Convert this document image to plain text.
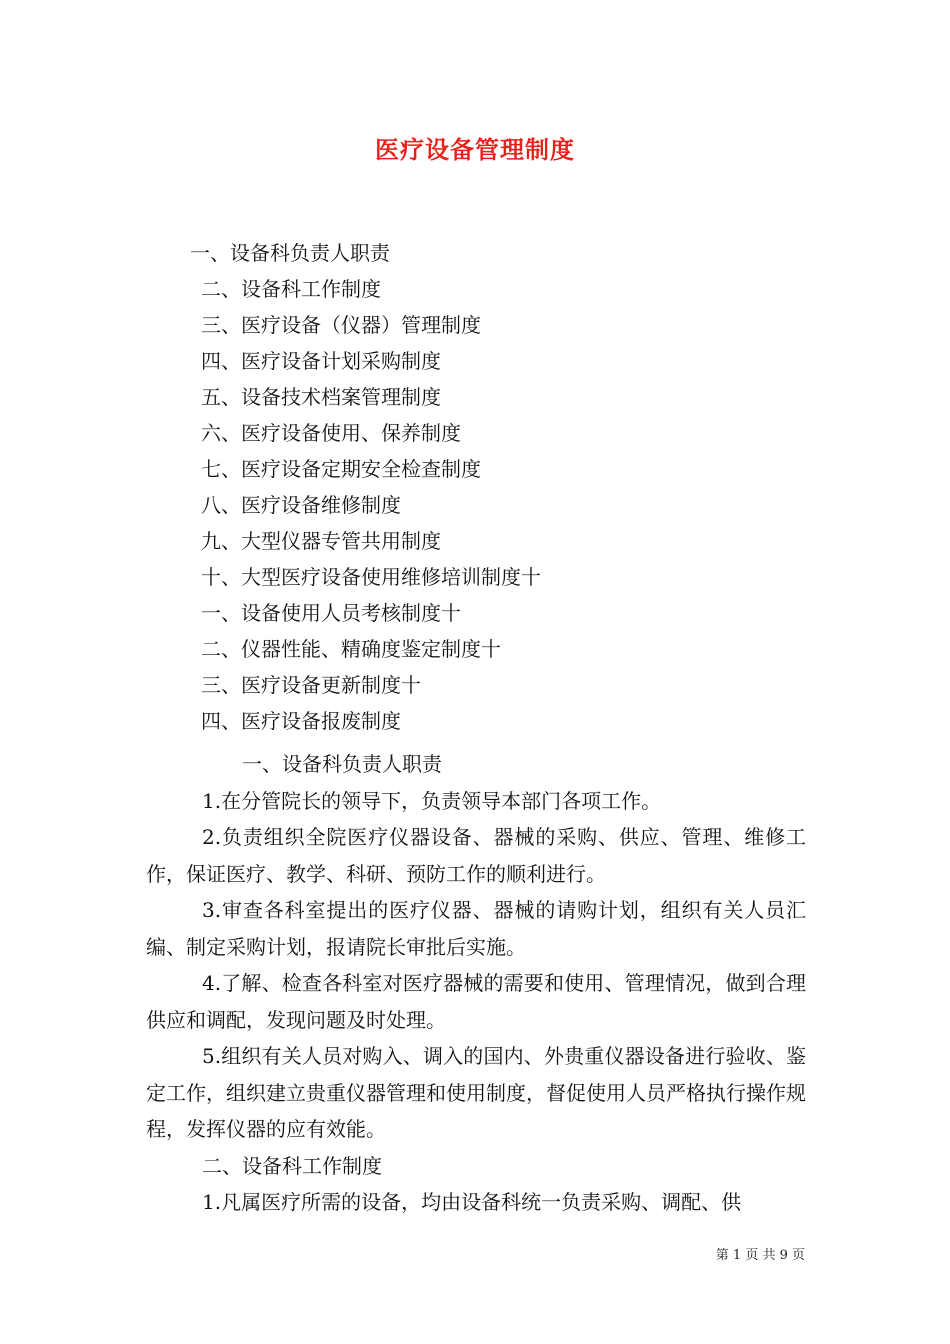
医疗设备管理制度
一、设备科负责人职责
二、设备科工作制度
三、医疗设备（仪器）管理制度
四、医疗设备计划采购制度
五、设备技术档案管理制度
六、医疗设备使用、保养制度
七、医疗设备定期安全检查制度
八、医疗设备维修制度
九、大型仪器专管共用制度
十、大型医疗设备使用维修培训制度十
一、设备使用人员考核制度十
二、仪器性能、精确度鉴定制度十
三、医疗设备更新制度十
四、医疗设备报废制度

一、设备科负责人职责

1.在分管院长的领导下，负责领导本部门各项工作。

2.负责组织全院医疗仪器设备、器械的采购、供应、管理、维修工作，保证医疗、教学、科研、预防工作的顺利进行。

3.审查各科室提出的医疗仪器、器械的请购计划，组织有关人员汇编、制定采购计划，报请院长审批后实施。

4.了解、检查各科室对医疗器械的需要和使用、管理情况，做到合理供应和调配，发现问题及时处理。

5.组织有关人员对购入、调入的国内、外贵重仪器设备进行验收、鉴定工作，组织建立贵重仪器管理和使用制度，督促使用人员严格执行操作规程，发挥仪器的应有效能。

二、设备科工作制度

1.凡属医疗所需的设备，均由设备科统一负责采购、调配、供

第 1 页 共 9 页
